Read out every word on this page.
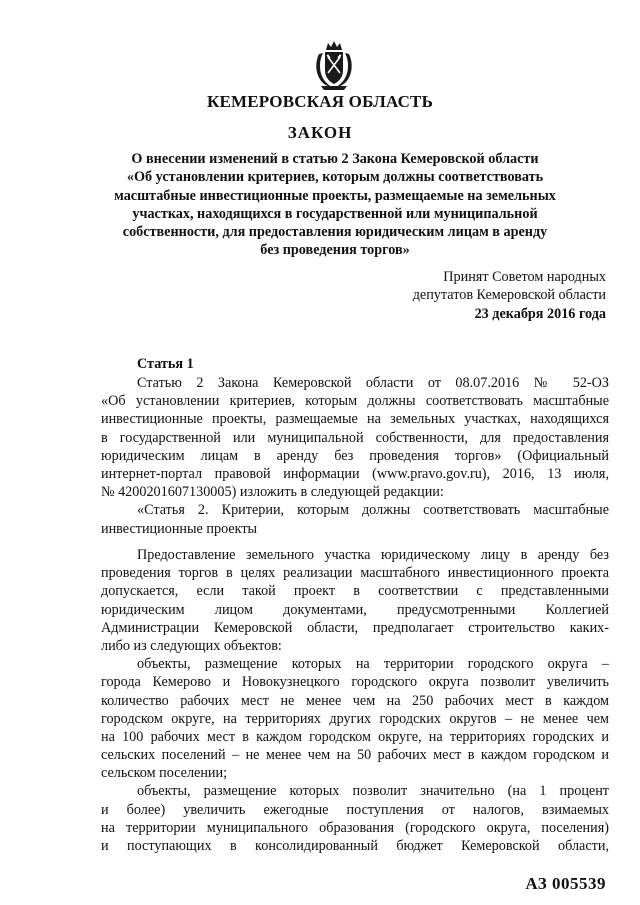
КЕМЕРОВСКАЯ ОБЛАСТЬ
ЗАКОН
О внесении изменений в статью 2 Закона Кемеровской области
«Об установлении критериев, которым должны соответствовать
масштабные инвестиционные проекты, размещаемые на земельных
участках, находящихся в государственной или муниципальной
собственности, для предоставления юридическим лицам в аренду
без проведения торгов»
Принят Советом народных
депутатов Кемеровской области
23 декабря 2016 года
Статья 1
Статью 2 Закона Кемеровской области от 08.07.2016 № 52-ОЗ
«Об установлении критериев, которым должны соответствовать масштабные
инвестиционные проекты, размещаемые на земельных участках, находящихся
в государственной или муниципальной собственности, для предоставления
юридическим лицам в аренду без проведения торгов» (Официальный
интернет-портал правовой информации (www.pravo.gov.ru), 2016, 13 июля,
№ 4200201607130005) изложить в следующей редакции:
«Статья 2. Критерии, которым должны соответствовать масштабные
инвестиционные проекты
Предоставление земельного участка юридическому лицу в аренду без
проведения торгов в целях реализации масштабного инвестиционного проекта
допускается, если такой проект в соответствии с представленными
юридическим лицом документами, предусмотренными Коллегией
Администрации Кемеровской области, предполагает строительство каких-
либо из следующих объектов:
объекты, размещение которых на территории городского округа –
города Кемерово и Новокузнецкого городского округа позволит увеличить
количество рабочих мест не менее чем на 250 рабочих мест в каждом
городском округе, на территориях других городских округов – не менее чем
на 100 рабочих мест в каждом городском округе, на территориях городских и
сельских поселений – не менее чем на 50 рабочих мест в каждом городском и
сельском поселении;
объекты, размещение которых позволит значительно (на 1 процент
и более) увеличить ежегодные поступления от налогов, взимаемых
на территории муниципального образования (городского округа, поселения)
и поступающих в консолидированный бюджет Кемеровской области,
АЗ 005539
